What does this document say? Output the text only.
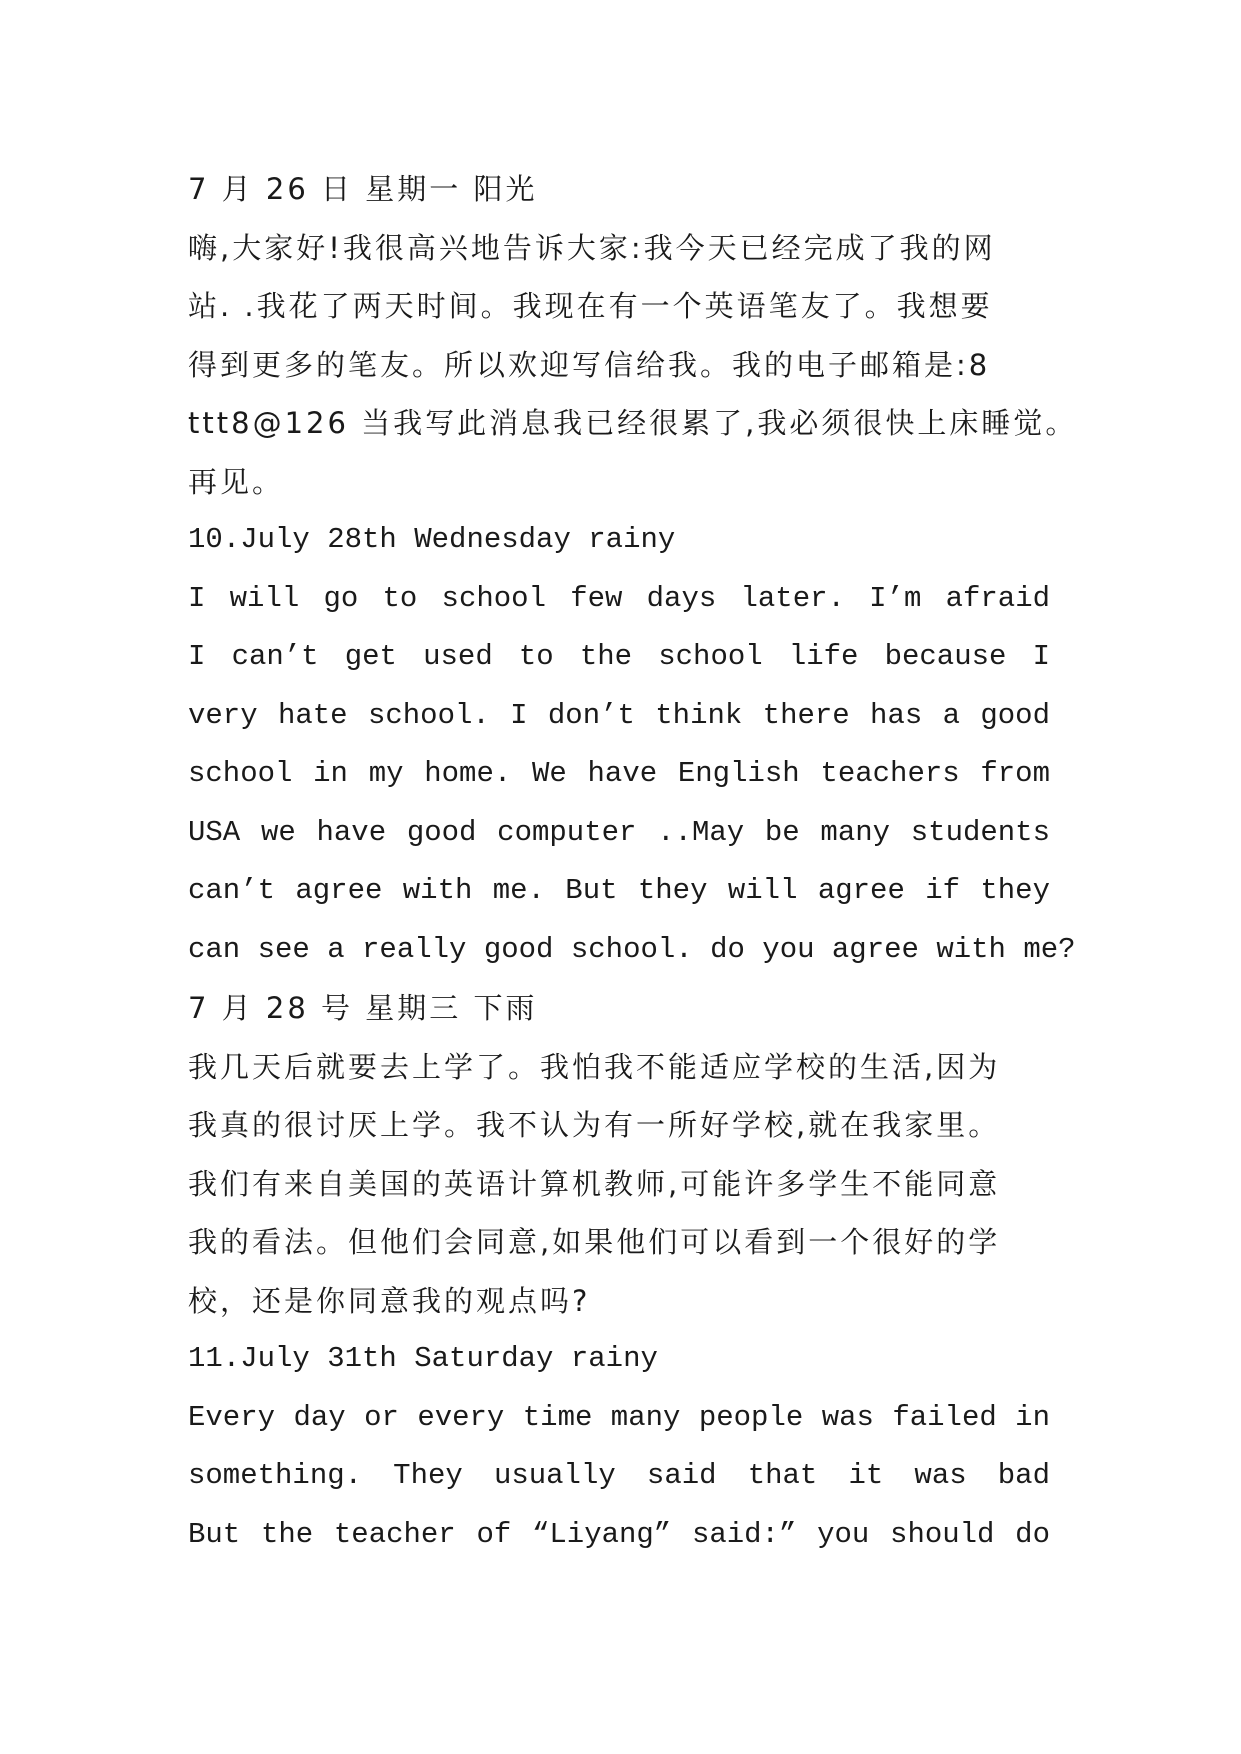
7 月 26 日 星期一 阳光
嗨,大家好!我很高兴地告诉大家:我今天已经完成了我的网
站. .我花了两天时间。我现在有一个英语笔友了。我想要
得到更多的笔友。所以欢迎写信给我。我的电子邮箱是:8
ttt8@126 当我写此消息我已经很累了,我必须很快上床睡觉。
再见。
10.July 28th Wednesday rainy
I will go to school few days later. I’m afraid
I can’t get used to the school life because I
very hate school. I don’t think there has a good
school in my home. We have English teachers from
USA we have good computer ..May be many students
can’t agree with me. But they will agree if they
can see a really good school. do you agree with me?
7 月 28 号 星期三 下雨
我几天后就要去上学了。我怕我不能适应学校的生活,因为
我真的很讨厌上学。我不认为有一所好学校,就在我家里。
我们有来自美国的英语计算机教师,可能许多学生不能同意
我的看法。但他们会同意,如果他们可以看到一个很好的学
校，还是你同意我的观点吗?
11.July 31th Saturday rainy
Every day or every time many people was failed in
something. They usually said that it was bad
But the teacher of “Liyang” said:” you should do
